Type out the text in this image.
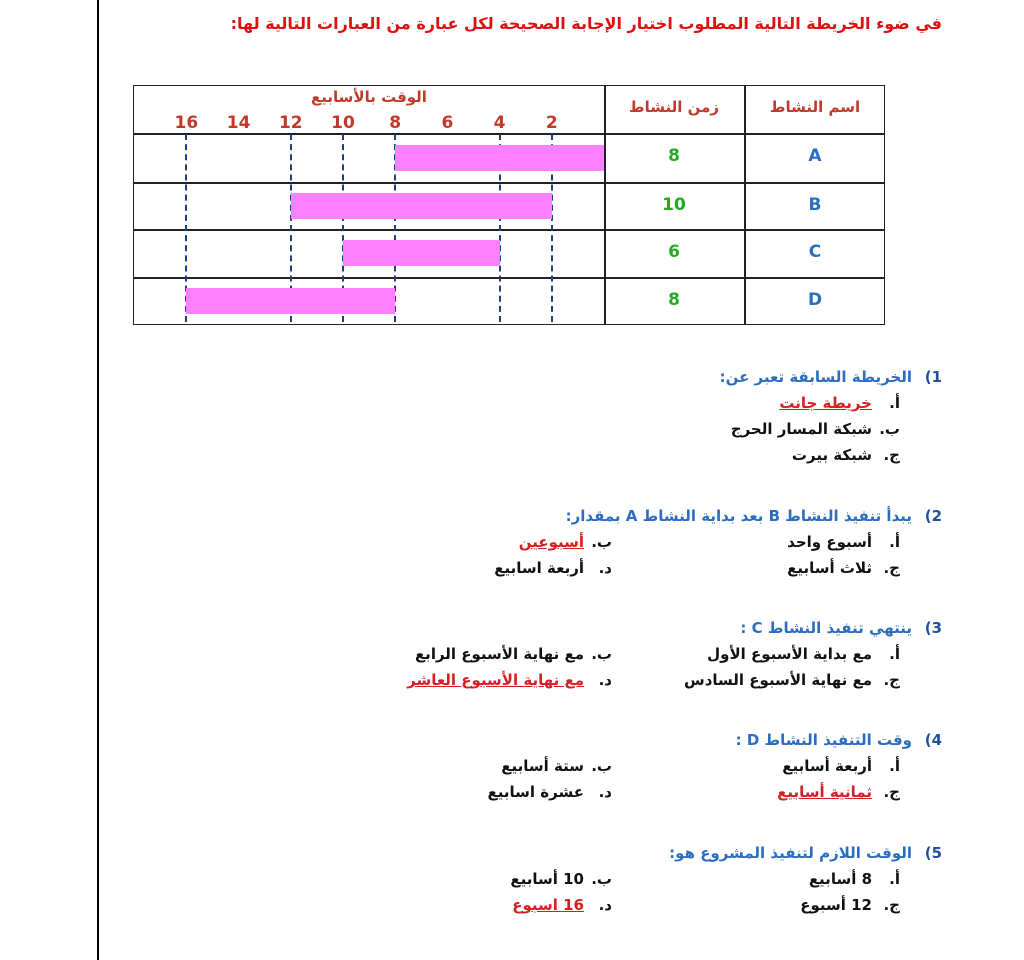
في ضوء الخريطة التالية المطلوب اختيار الإجابة الصحيحة لكل عبارة من العبارات التالية لها:
اسم النشاط
زمن النشاط
الوقت بالأسابيع
2
4
6
8
10
12
14
16
A
8
B
10
C
6
D
8
1)الخريطة السابقة تعبر عن:
أ.خريطة جانت
ب.شبكة المسار الحرج
ج.شبكة بيرت
2)يبدأ تنفيذ النشاط B بعد بداية النشاط A بمقدار:
أ.أسبوع واحد
ب.أسبوعين
ج.ثلاث أسابيع
د.أربعة اسابيع
3)ينتهي تنفيذ النشاط C :
أ.مع بداية الأسبوع الأول
ب.مع نهاية الأسبوع الرابع
ج.مع نهاية الأسبوع السادس
د.مع نهاية الأسبوع العاشر
4)وقت التنفيذ النشاط D :
أ.أربعة أسابيع
ب.ستة أسابيع
ج.ثمانية أسابيع
د.عشرة اسابيع
5)الوقت اللازم لتنفيذ المشروع هو:
أ.8 أسابيع
ب.10 أسابيع
ج.12 أسبوع
د.16 اسبوع
